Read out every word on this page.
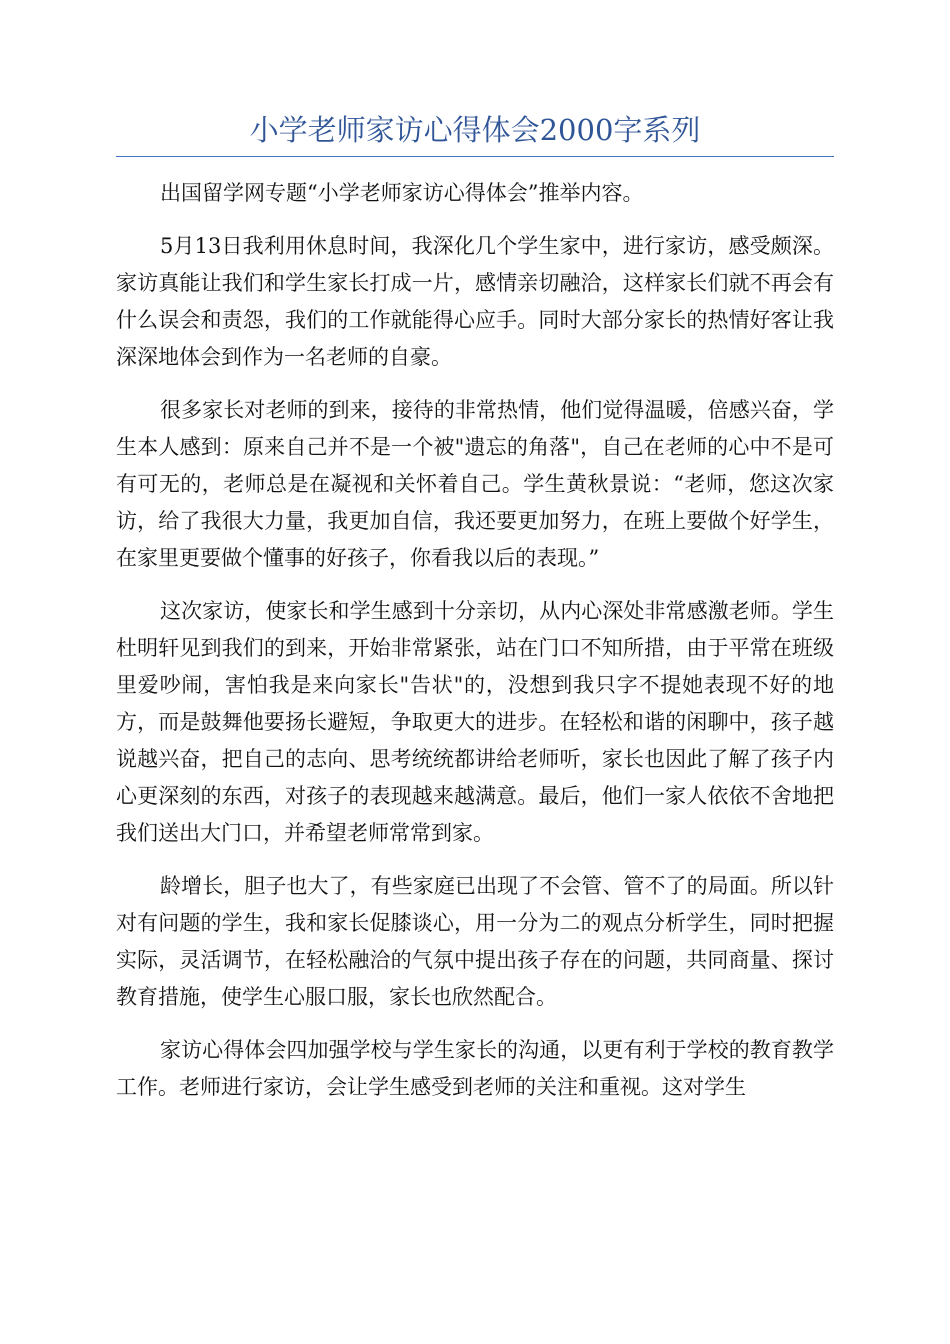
小学老师家访心得体会2000字系列

出国留学网专题“小学老师家访心得体会”推举内容。

5月13日我利用休息时间，我深化几个学生家中，进行家访，感受颇深。家访真能让我们和学生家长打成一片，感情亲切融洽，这样家长们就不再会有什么误会和责怨，我们的工作就能得心应手。同时大部分家长的热情好客让我深深地体会到作为一名老师的自豪。

很多家长对老师的到来，接待的非常热情，他们觉得温暖，倍感兴奋，学生本人感到：原来自己并不是一个被"遗忘的角落"，自己在老师的心中不是可有可无的，老师总是在凝视和关怀着自己。学生黄秋景说：“老师，您这次家访，给了我很大力量，我更加自信，我还要更加努力，在班上要做个好学生，在家里更要做个懂事的好孩子，你看我以后的表现。”

这次家访，使家长和学生感到十分亲切，从内心深处非常感激老师。学生杜明轩见到我们的到来，开始非常紧张，站在门口不知所措，由于平常在班级里爱吵闹，害怕我是来向家长"告状"的，没想到我只字不提她表现不好的地方，而是鼓舞他要扬长避短，争取更大的进步。在轻松和谐的闲聊中，孩子越说越兴奋，把自己的志向、思考统统都讲给老师听，家长也因此了解了孩子内心更深刻的东西，对孩子的表现越来越满意。最后，他们一家人依依不舍地把我们送出大门口，并希望老师常常到家。

龄增长，胆子也大了，有些家庭已出现了不会管、管不了的局面。所以针对有问题的学生，我和家长促膝谈心，用一分为二的观点分析学生，同时把握实际，灵活调节，在轻松融洽的气氛中提出孩子存在的问题，共同商量、探讨教育措施，使学生心服口服，家长也欣然配合。

家访心得体会四加强学校与学生家长的沟通，以更有利于学校的教育教学工作。老师进行家访，会让学生感受到老师的关注和重视。这对学生
